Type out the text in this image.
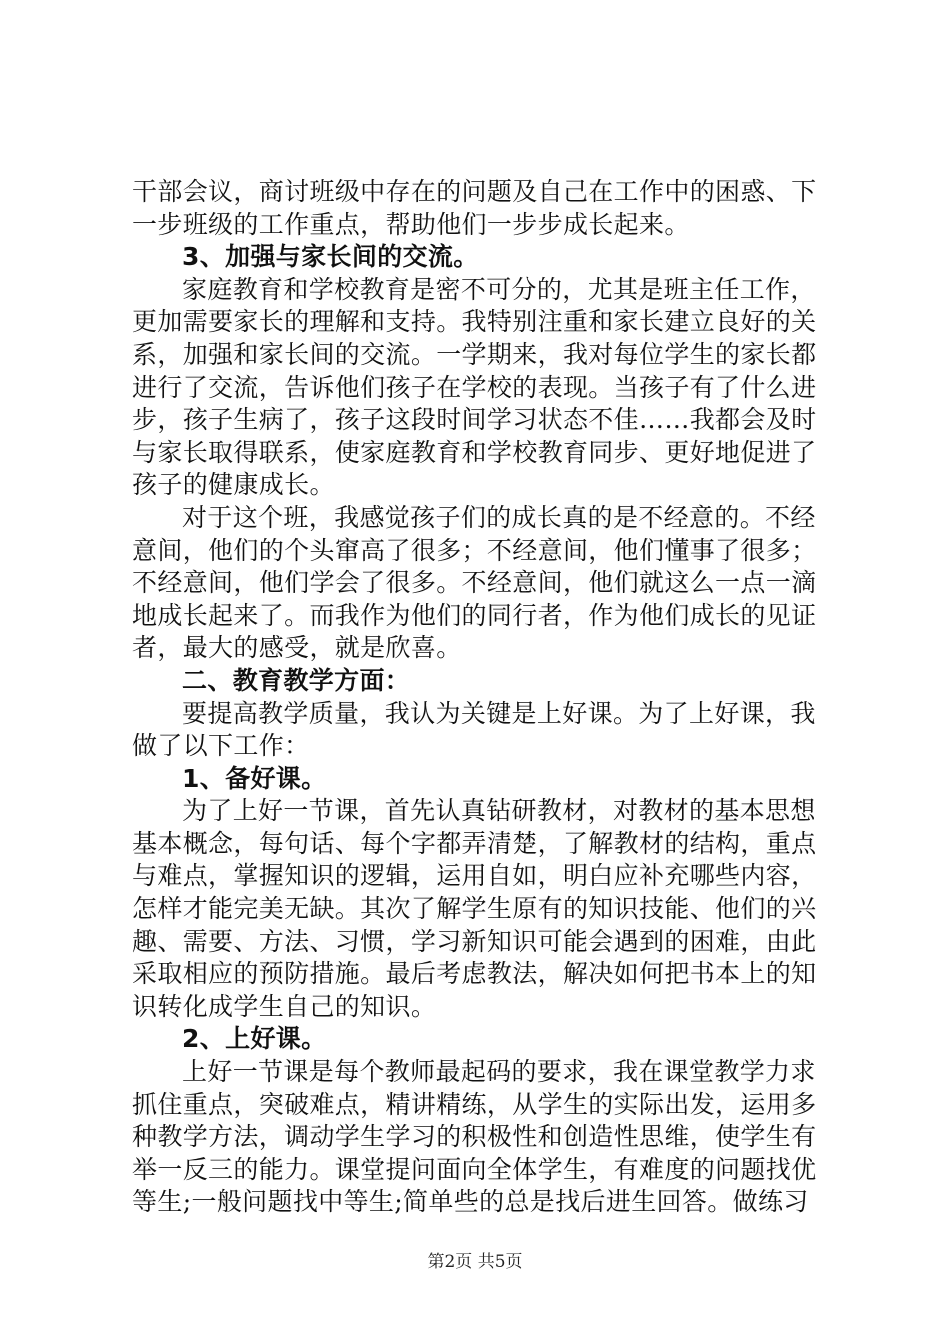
干部会议，商讨班级中存在的问题及自己在工作中的困惑、下
一步班级的工作重点，帮助他们一步步成长起来。
3、加强与家长间的交流。
家庭教育和学校教育是密不可分的，尤其是班主任工作，
更加需要家长的理解和支持。我特别注重和家长建立良好的关
系，加强和家长间的交流。一学期来，我对每位学生的家长都
进行了交流，告诉他们孩子在学校的表现。当孩子有了什么进
步，孩子生病了，孩子这段时间学习状态不佳……我都会及时
与家长取得联系，使家庭教育和学校教育同步、更好地促进了
孩子的健康成长。
对于这个班，我感觉孩子们的成长真的是不经意的。不经
意间，他们的个头窜高了很多；不经意间，他们懂事了很多；
不经意间，他们学会了很多。不经意间，他们就这么一点一滴
地成长起来了。而我作为他们的同行者，作为他们成长的见证
者，最大的感受，就是欣喜。
二、教育教学方面：
要提高教学质量，我认为关键是上好课。为了上好课，我
做了以下工作：
1、备好课。
为了上好一节课，首先认真钻研教材，对教材的基本思想
基本概念，每句话、每个字都弄清楚，了解教材的结构，重点
与难点，掌握知识的逻辑，运用自如，明白应补充哪些内容，
怎样才能完美无缺。其次了解学生原有的知识技能、他们的兴
趣、需要、方法、习惯，学习新知识可能会遇到的困难，由此
采取相应的预防措施。最后考虑教法，解决如何把书本上的知
识转化成学生自己的知识。
2、上好课。
上好一节课是每个教师最起码的要求，我在课堂教学力求
抓住重点，突破难点，精讲精练，从学生的实际出发，运用多
种教学方法，调动学生学习的积极性和创造性思维，使学生有
举一反三的能力。课堂提问面向全体学生，有难度的问题找优
等生;一般问题找中等生;简单些的总是找后进生回答。做练习
第2页 共5页
